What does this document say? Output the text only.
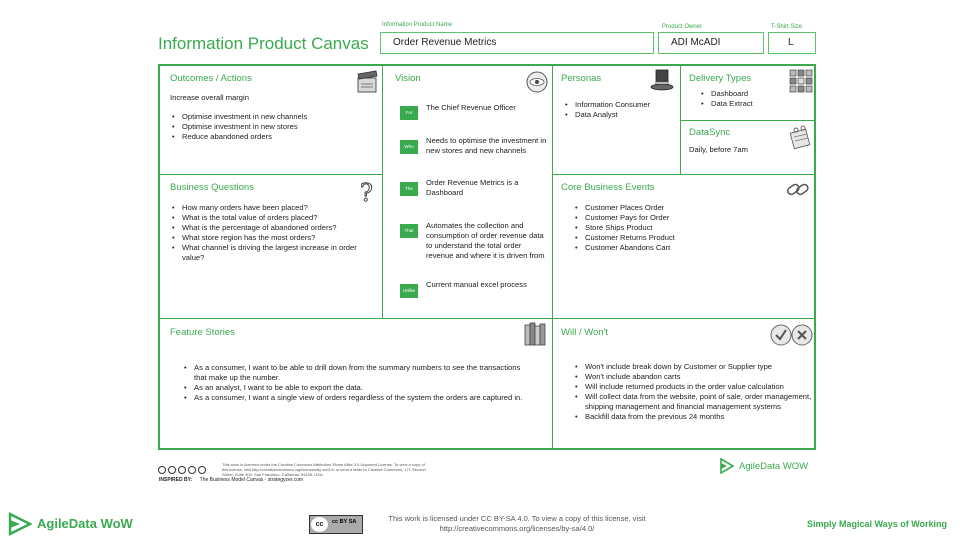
Information Product Canvas
Information Product Name
Order Revenue Metrics
Product Owner
ADI McADI
T-Shirt Size
L
Outcomes / Actions
Increase overall margin
• Optimise investment in new channels
• Optimise investment in new stores
• Reduce abandoned orders
Business Questions
• How many orders have been placed?
• What is the total value of orders placed?
• What is the percentage of abandoned orders?
• What store region has the most orders?
• What channel is driving the largest increase in order value?
?
Vision
For
The Chief Revenue Officer
Who
Needs to optimise the investment in new stores and new channels
The
Order Revenue Metrics is a Dashboard
That
Automates the collection and consumption of order revenue data to understand the total order revenue and where it is driven from
Unlike
Current manual excel process
Personas
• Information Consumer
• Data Analyst
Delivery Types
• Dashboard
• Data Extract
DataSync
Daily, before 7am
Core Business Events
• Customer Places Order
• Customer Pays for Order
• Store Ships Product
• Customer Returns Product
• Customer Abandons Cart
Feature Stories
• As a consumer, I want to be able to drill down from the summary numbers to see the transactions that make up the number.
• As an analyst, I want to be able to export the data.
• As a consumer, I want a single view of orders regardless of the system the orders are captured in.
Will / Won't
• Won't include break down by Customer or Supplier type
• Won't include abandon carts
• Will include returned products in the order value calculation
• Will collect data from the website, point of sale, order management, shipping management and financial management systems
• Backfill data from the previous 24 months
This work is licensed under the Creative Commons Attribution-Share Alike 3.0 Unported License. To view a copy of this license, visit http://creativecommons.org/licenses/by-sa/3.0/ or send a letter to Creative Commons, 171 Second Street, Suite 300, San Francisco, California, 94105, USA.
INSPIRED BY: The Business Model Canvas - strategyzer.com
AgileData WOW
AgileData WoW	cc	cc BY SA	This work is licensed under CC BY-SA 4.0. To view a copy of this license, visit http://creativecommons.org/licenses/by-sa/4.0/	Simply Magical Ways of Working
